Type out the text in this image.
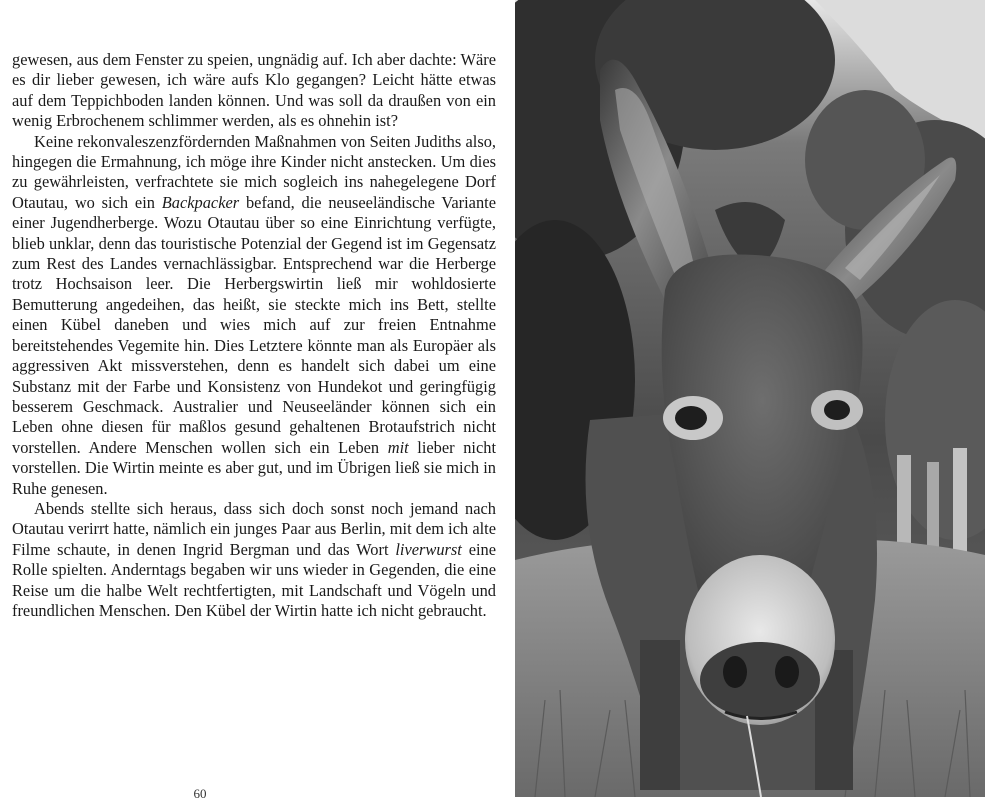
gewesen, aus dem Fenster zu speien, ungnädig auf. Ich aber dachte: Wäre es dir lieber gewesen, ich wäre aufs Klo gegangen? Leicht hätte etwas auf dem Teppichboden landen können. Und was soll da draußen von ein wenig Erbrochenem schlimmer werden, als es ohnehin ist?

Keine rekonvaleszenzfördernden Maßnahmen von Seiten Judiths also, hingegen die Ermahnung, ich möge ihre Kinder nicht anstecken. Um dies zu gewährleisten, verfrachtete sie mich sogleich ins nahegelegene Dorf Otautau, wo sich ein Backpacker befand, die neuseeländische Variante einer Jugendherberge. Wozu Otautau über so eine Einrichtung verfügte, blieb unklar, denn das touristische Potenzial der Gegend ist im Gegensatz zum Rest des Landes vernachlässigbar. Entsprechend war die Herberge trotz Hochsaison leer. Die Herbergswirtin ließ mir wohldosierte Bemutterung angedeihen, das heißt, sie steckte mich ins Bett, stellte einen Kübel daneben und wies mich auf zur freien Entnahme bereitstehendes Vegemite hin. Dies Letztere könnte man als Europäer als aggressiven Akt missverstehen, denn es handelt sich dabei um eine Substanz mit der Farbe und Konsistenz von Hundekot und geringfügig besserem Geschmack. Australier und Neuseeländer können sich ein Leben ohne diesen für maßlos gesund gehaltenen Brotaufstrich nicht vorstellen. Andere Menschen wollen sich ein Leben mit lieber nicht vorstellen. Die Wirtin meinte es aber gut, und im Übrigen ließ sie mich in Ruhe genesen.

Abends stellte sich heraus, dass sich doch sonst noch jemand nach Otautau verirrt hatte, nämlich ein junges Paar aus Berlin, mit dem ich alte Filme schaute, in denen Ingrid Bergman und das Wort liverwurst eine Rolle spielten. Anderntags begaben wir uns wieder in Gegenden, die eine Reise um die halbe Welt rechtfertigten, mit Landschaft und Vögeln und freundlichen Menschen. Den Kübel der Wirtin hatte ich nicht gebraucht.

60
